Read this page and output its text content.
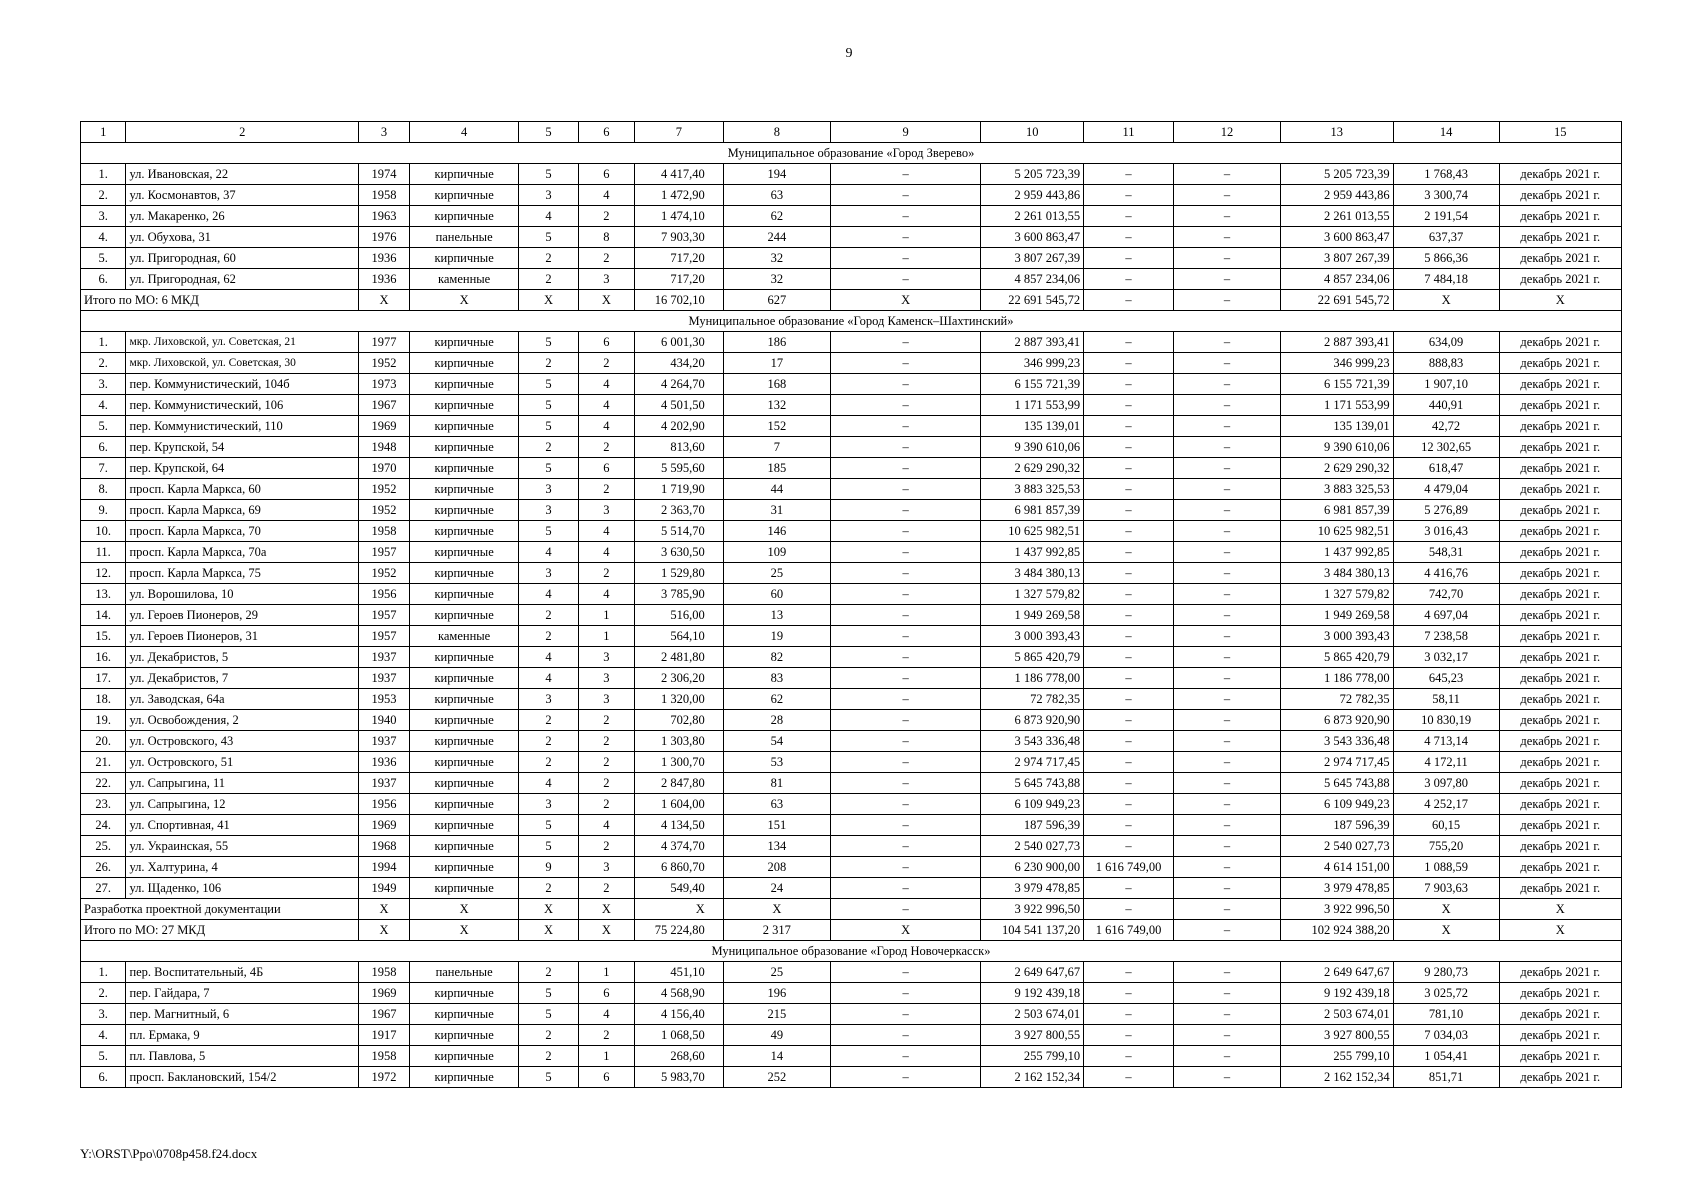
9
1	2	3	4	5	6	7	8	9	10	11	12	13	14	15
Муниципальное образование «Город Зверево»														
1.	ул. Ивановская, 22	1974	кирпичные	5	6	4 417,40	194	–	5 205 723,39	–	–	5 205 723,39	1 768,43	декабрь 2021 г.
2.	ул. Космонавтов, 37	1958	кирпичные	3	4	1 472,90	63	–	2 959 443,86	–	–	2 959 443,86	3 300,74	декабрь 2021 г.
3.	ул. Макаренко, 26	1963	кирпичные	4	2	1 474,10	62	–	2 261 013,55	–	–	2 261 013,55	2 191,54	декабрь 2021 г.
4.	ул. Обухова, 31	1976	панельные	5	8	7 903,30	244	–	3 600 863,47	–	–	3 600 863,47	637,37	декабрь 2021 г.
5.	ул. Пригородная, 60	1936	кирпичные	2	2	717,20	32	–	3 807 267,39	–	–	3 807 267,39	5 866,36	декабрь 2021 г.
6.	ул. Пригородная, 62	1936	каменные	2	3	717,20	32	–	4 857 234,06	–	–	4 857 234,06	7 484,18	декабрь 2021 г.
Итого по МО: 6 МКД		X	X	X	X	16 702,10	627	X	22 691 545,72	–	–	22 691 545,72	X	X
Муниципальное образование «Город Каменск–Шахтинский»														
1.	мкр. Лиховской, ул. Советская, 21	1977	кирпичные	5	6	6 001,30	186	–	2 887 393,41	–	–	2 887 393,41	634,09	декабрь 2021 г.
2.	мкр. Лиховской, ул. Советская, 30	1952	кирпичные	2	2	434,20	17	–	346 999,23	–	–	346 999,23	888,83	декабрь 2021 г.
3.	пер. Коммунистический, 104б	1973	кирпичные	5	4	4 264,70	168	–	6 155 721,39	–	–	6 155 721,39	1 907,10	декабрь 2021 г.
4.	пер. Коммунистический, 106	1967	кирпичные	5	4	4 501,50	132	–	1 171 553,99	–	–	1 171 553,99	440,91	декабрь 2021 г.
5.	пер. Коммунистический, 110	1969	кирпичные	5	4	4 202,90	152	–	135 139,01	–	–	135 139,01	42,72	декабрь 2021 г.
6.	пер. Крупской, 54	1948	кирпичные	2	2	813,60	7	–	9 390 610,06	–	–	9 390 610,06	12 302,65	декабрь 2021 г.
7.	пер. Крупской, 64	1970	кирпичные	5	6	5 595,60	185	–	2 629 290,32	–	–	2 629 290,32	618,47	декабрь 2021 г.
8.	просп. Карла Маркса, 60	1952	кирпичные	3	2	1 719,90	44	–	3 883 325,53	–	–	3 883 325,53	4 479,04	декабрь 2021 г.
9.	просп. Карла Маркса, 69	1952	кирпичные	3	3	2 363,70	31	–	6 981 857,39	–	–	6 981 857,39	5 276,89	декабрь 2021 г.
10.	просп. Карла Маркса, 70	1958	кирпичные	5	4	5 514,70	146	–	10 625 982,51	–	–	10 625 982,51	3 016,43	декабрь 2021 г.
11.	просп. Карла Маркса, 70а	1957	кирпичные	4	4	3 630,50	109	–	1 437 992,85	–	–	1 437 992,85	548,31	декабрь 2021 г.
12.	просп. Карла Маркса, 75	1952	кирпичные	3	2	1 529,80	25	–	3 484 380,13	–	–	3 484 380,13	4 416,76	декабрь 2021 г.
13.	ул. Ворошилова, 10	1956	кирпичные	4	4	3 785,90	60	–	1 327 579,82	–	–	1 327 579,82	742,70	декабрь 2021 г.
14.	ул. Героев Пионеров, 29	1957	кирпичные	2	1	516,00	13	–	1 949 269,58	–	–	1 949 269,58	4 697,04	декабрь 2021 г.
15.	ул. Героев Пионеров, 31	1957	каменные	2	1	564,10	19	–	3 000 393,43	–	–	3 000 393,43	7 238,58	декабрь 2021 г.
16.	ул. Декабристов, 5	1937	кирпичные	4	3	2 481,80	82	–	5 865 420,79	–	–	5 865 420,79	3 032,17	декабрь 2021 г.
17.	ул. Декабристов, 7	1937	кирпичные	4	3	2 306,20	83	–	1 186 778,00	–	–	1 186 778,00	645,23	декабрь 2021 г.
18.	ул. Заводская, 64а	1953	кирпичные	3	3	1 320,00	62	–	72 782,35	–	–	72 782,35	58,11	декабрь 2021 г.
19.	ул. Освобождения, 2	1940	кирпичные	2	2	702,80	28	–	6 873 920,90	–	–	6 873 920,90	10 830,19	декабрь 2021 г.
20.	ул. Островского, 43	1937	кирпичные	2	2	1 303,80	54	–	3 543 336,48	–	–	3 543 336,48	4 713,14	декабрь 2021 г.
21.	ул. Островского, 51	1936	кирпичные	2	2	1 300,70	53	–	2 974 717,45	–	–	2 974 717,45	4 172,11	декабрь 2021 г.
22.	ул. Сапрыгина, 11	1937	кирпичные	4	2	2 847,80	81	–	5 645 743,88	–	–	5 645 743,88	3 097,80	декабрь 2021 г.
23.	ул. Сапрыгина, 12	1956	кирпичные	3	2	1 604,00	63	–	6 109 949,23	–	–	6 109 949,23	4 252,17	декабрь 2021 г.
24.	ул. Спортивная, 41	1969	кирпичные	5	4	4 134,50	151	–	187 596,39	–	–	187 596,39	60,15	декабрь 2021 г.
25.	ул. Украинская, 55	1968	кирпичные	5	2	4 374,70	134	–	2 540 027,73	–	–	2 540 027,73	755,20	декабрь 2021 г.
26.	ул. Халтурина, 4	1994	кирпичные	9	3	6 860,70	208	–	6 230 900,00	1 616 749,00	–	4 614 151,00	1 088,59	декабрь 2021 г.
27.	ул. Щаденко, 106	1949	кирпичные	2	2	549,40	24	–	3 979 478,85	–	–	3 979 478,85	7 903,63	декабрь 2021 г.
Разработка проектной документации		X	X	X	X	X	X	–	3 922 996,50	–	–	3 922 996,50	X	X
Итого по МО: 27 МКД		X	X	X	X	75 224,80	2 317	X	104 541 137,20	1 616 749,00	–	102 924 388,20	X	X
Муниципальное образование «Город Новочеркасск»														
1.	пер. Воспитательный, 4Б	1958	панельные	2	1	451,10	25	–	2 649 647,67	–	–	2 649 647,67	9 280,73	декабрь 2021 г.
2.	пер. Гайдара, 7	1969	кирпичные	5	6	4 568,90	196	–	9 192 439,18	–	–	9 192 439,18	3 025,72	декабрь 2021 г.
3.	пер. Магнитный, 6	1967	кирпичные	5	4	4 156,40	215	–	2 503 674,01	–	–	2 503 674,01	781,10	декабрь 2021 г.
4.	пл. Ермака, 9	1917	кирпичные	2	2	1 068,50	49	–	3 927 800,55	–	–	3 927 800,55	7 034,03	декабрь 2021 г.
5.	пл. Павлова, 5	1958	кирпичные	2	1	268,60	14	–	255 799,10	–	–	255 799,10	1 054,41	декабрь 2021 г.
6.	просп. Баклановский, 154/2	1972	кирпичные	5	6	5 983,70	252	–	2 162 152,34	–	–	2 162 152,34	851,71	декабрь 2021 г.
Y:\ORST\Ppo\0708p458.f24.docx
